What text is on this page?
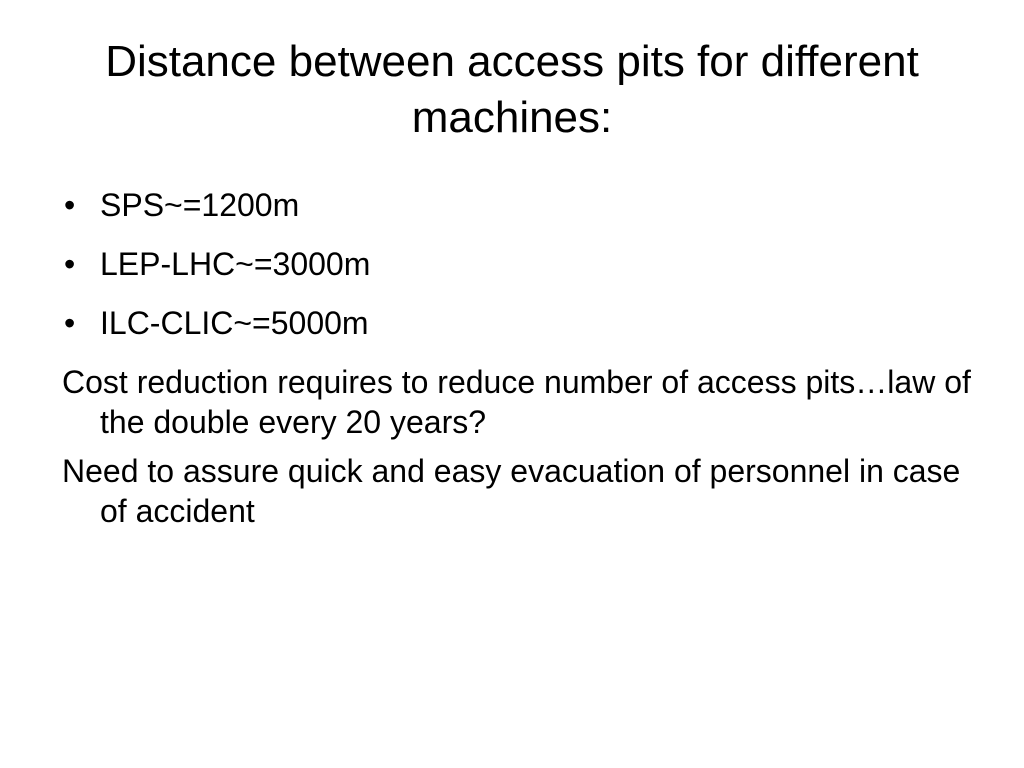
Distance between access pits for different machines:
• SPS~=1200m
• LEP-LHC~=3000m
• ILC-CLIC~=5000m

Cost reduction requires to reduce number of access pits…law of the double every 20 years?

Need to assure quick and easy evacuation of personnel in case of accident
